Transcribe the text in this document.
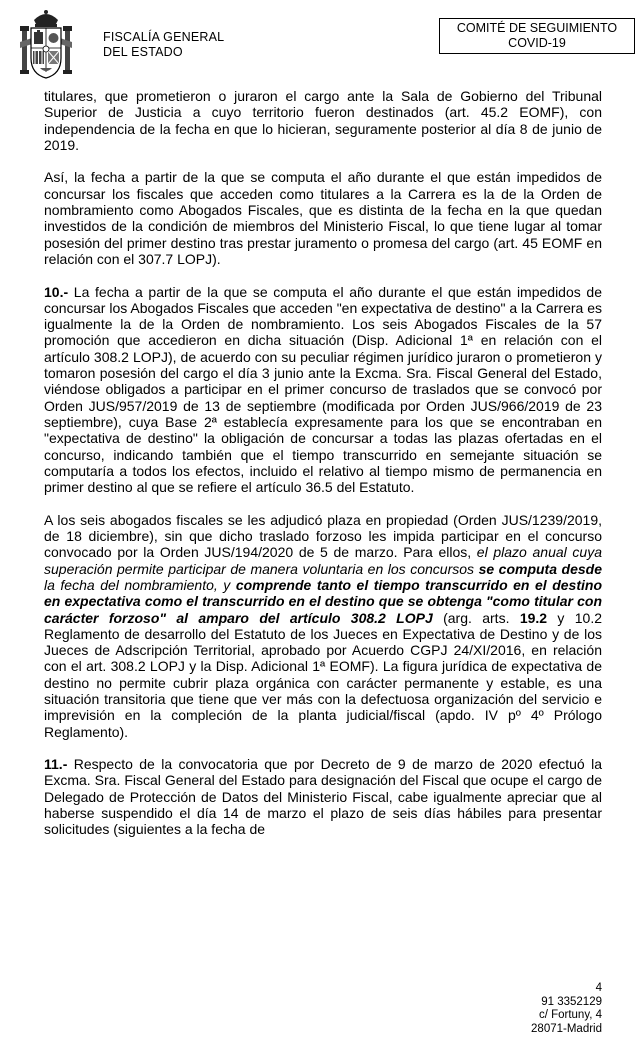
FISCALÍA GENERAL
DEL ESTADO
COMITÉ DE SEGUIMIENTO
COVID-19

titulares, que prometieron o juraron el cargo ante la Sala de Gobierno del Tribunal Superior de Justicia a cuyo territorio fueron destinados (art. 45.2 EOMF), con independencia de la fecha en que lo hicieran, seguramente posterior al día 8 de junio de 2019.

Así, la fecha a partir de la que se computa el año durante el que están impedidos de concursar los fiscales que acceden como titulares a la Carrera es la de la Orden de nombramiento como Abogados Fiscales, que es distinta de la fecha en la que quedan investidos de la condición de miembros del Ministerio Fiscal, lo que tiene lugar al tomar posesión del primer destino tras prestar juramento o promesa del cargo (art. 45 EOMF en relación con el 307.7 LOPJ).

10.- La fecha a partir de la que se computa el año durante el que están impedidos de concursar los Abogados Fiscales que acceden "en expectativa de destino" a la Carrera es igualmente la de la Orden de nombramiento. Los seis Abogados Fiscales de la 57 promoción que accedieron en dicha situación (Disp. Adicional 1ª en relación con el artículo 308.2 LOPJ), de acuerdo con su peculiar régimen jurídico juraron o prometieron y tomaron posesión del cargo el día 3 junio ante la Excma. Sra. Fiscal General del Estado, viéndose obligados a participar en el primer concurso de traslados que se convocó por Orden JUS/957/2019 de 13 de septiembre (modificada por Orden JUS/966/2019 de 23 septiembre), cuya Base 2ª establecía expresamente para los que se encontraban en "expectativa de destino" la obligación de concursar a todas las plazas ofertadas en el concurso, indicando también que el tiempo transcurrido en semejante situación se computaría a todos los efectos, incluido el relativo al tiempo mismo de permanencia en primer destino al que se refiere el artículo 36.5 del Estatuto.

A los seis abogados fiscales se les adjudicó plaza en propiedad (Orden JUS/1239/2019, de 18 diciembre), sin que dicho traslado forzoso les impida participar en el concurso convocado por la Orden JUS/194/2020 de 5 de marzo. Para ellos, el plazo anual cuya superación permite participar de manera voluntaria en los concursos se computa desde la fecha del nombramiento, y comprende tanto el tiempo transcurrido en el destino en expectativa como el transcurrido en el destino que se obtenga "como titular con carácter forzoso" al amparo del artículo 308.2 LOPJ (arg. arts. 19.2 y 10.2 Reglamento de desarrollo del Estatuto de los Jueces en Expectativa de Destino y de los Jueces de Adscripción Territorial, aprobado por Acuerdo CGPJ 24/XI/2016, en relación con el art. 308.2 LOPJ y la Disp. Adicional 1ª EOMF). La figura jurídica de expectativa de destino no permite cubrir plaza orgánica con carácter permanente y estable, es una situación transitoria que tiene que ver más con la defectuosa organización del servicio e imprevisión en la compleción de la planta judicial/fiscal (apdo. IV pº 4º Prólogo Reglamento).

11.- Respecto de la convocatoria que por Decreto de 9 de marzo de 2020 efectuó la Excma. Sra. Fiscal General del Estado para designación del Fiscal que ocupe el cargo de Delegado de Protección de Datos del Ministerio Fiscal, cabe igualmente apreciar que al haberse suspendido el día 14 de marzo el plazo de seis días hábiles para presentar solicitudes (siguientes a la fecha de

4
91 3352129
c/ Fortuny, 4
28071-Madrid
